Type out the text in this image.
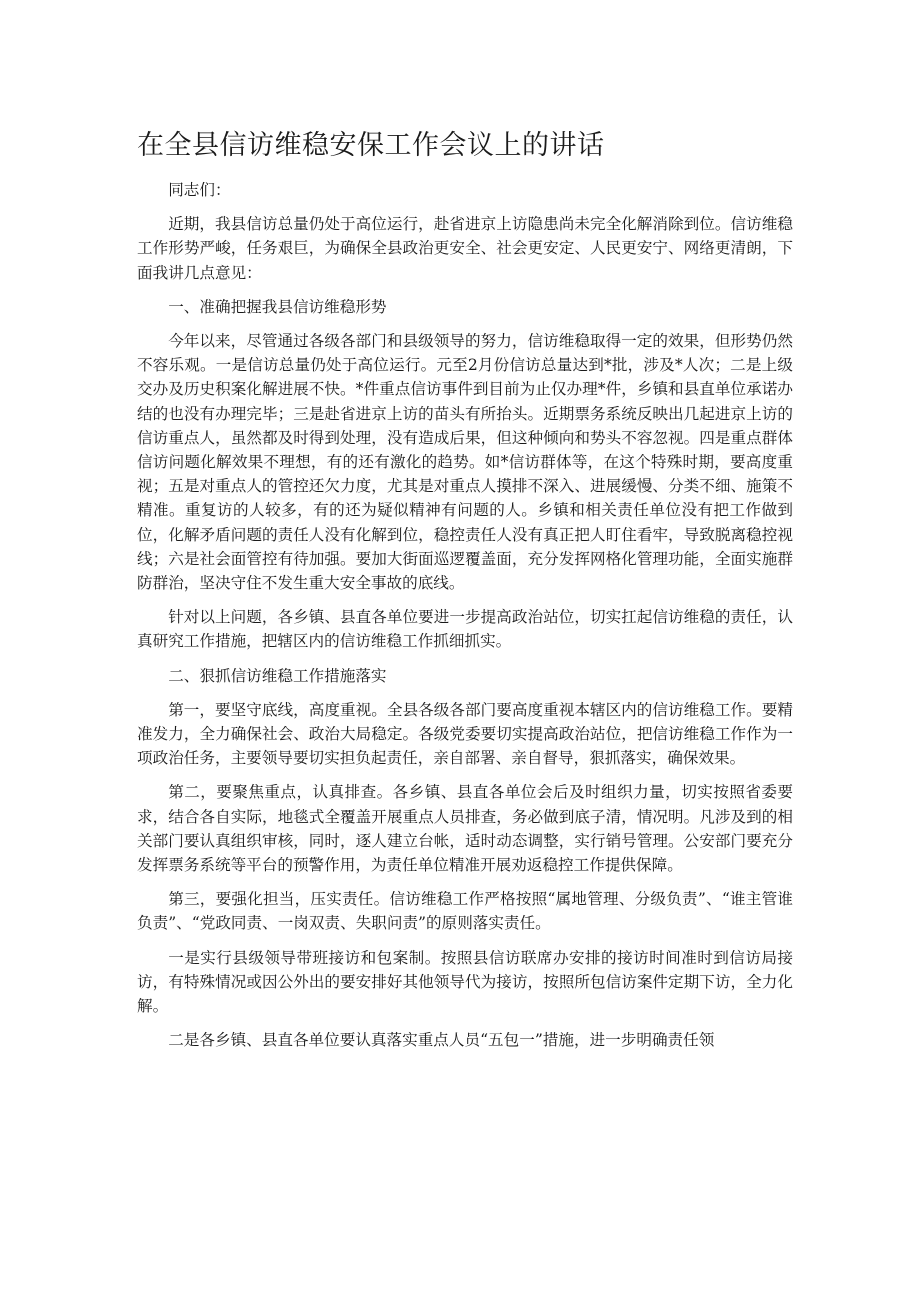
在全县信访维稳安保工作会议上的讲话

同志们：

近期，我县信访总量仍处于高位运行，赴省进京上访隐患尚未完全化解消除到位。信访维稳工作形势严峻，任务艰巨，为确保全县政治更安全、社会更安定、人民更安宁、网络更清朗，下面我讲几点意见：

一、准确把握我县信访维稳形势

今年以来，尽管通过各级各部门和县级领导的努力，信访维稳取得一定的效果，但形势仍然不容乐观。一是信访总量仍处于高位运行。元至2月份信访总量达到*批，涉及*人次；二是上级交办及历史积案化解进展不快。*件重点信访事件到目前为止仅办理*件，乡镇和县直单位承诺办结的也没有办理完毕；三是赴省进京上访的苗头有所抬头。近期票务系统反映出几起进京上访的信访重点人，虽然都及时得到处理，没有造成后果，但这种倾向和势头不容忽视。四是重点群体信访问题化解效果不理想，有的还有激化的趋势。如*信访群体等，在这个特殊时期，要高度重视；五是对重点人的管控还欠力度，尤其是对重点人摸排不深入、进展缓慢、分类不细、施策不精准。重复访的人较多，有的还为疑似精神有问题的人。乡镇和相关责任单位没有把工作做到位，化解矛盾问题的责任人没有化解到位，稳控责任人没有真正把人盯住看牢，导致脱离稳控视线；六是社会面管控有待加强。要加大街面巡逻覆盖面，充分发挥网格化管理功能，全面实施群防群治，坚决守住不发生重大安全事故的底线。

针对以上问题，各乡镇、县直各单位要进一步提高政治站位，切实扛起信访维稳的责任，认真研究工作措施，把辖区内的信访维稳工作抓细抓实。

二、狠抓信访维稳工作措施落实

第一，要坚守底线，高度重视。全县各级各部门要高度重视本辖区内的信访维稳工作。要精准发力，全力确保社会、政治大局稳定。各级党委要切实提高政治站位，把信访维稳工作作为一项政治任务，主要领导要切实担负起责任，亲自部署、亲自督导，狠抓落实，确保效果。

第二，要聚焦重点，认真排查。各乡镇、县直各单位会后及时组织力量，切实按照省委要求，结合各自实际，地毯式全覆盖开展重点人员排查，务必做到底子清，情况明。凡涉及到的相关部门要认真组织审核，同时，逐人建立台帐，适时动态调整，实行销号管理。公安部门要充分发挥票务系统等平台的预警作用，为责任单位精准开展劝返稳控工作提供保障。

第三，要强化担当，压实责任。信访维稳工作严格按照“属地管理、分级负责”、“谁主管谁负责”、“党政同责、一岗双责、失职问责”的原则落实责任。

一是实行县级领导带班接访和包案制。按照县信访联席办安排的接访时间准时到信访局接访，有特殊情况或因公外出的要安排好其他领导代为接访，按照所包信访案件定期下访，全力化解。

二是各乡镇、县直各单位要认真落实重点人员“五包一”措施，进一步明确责任领
